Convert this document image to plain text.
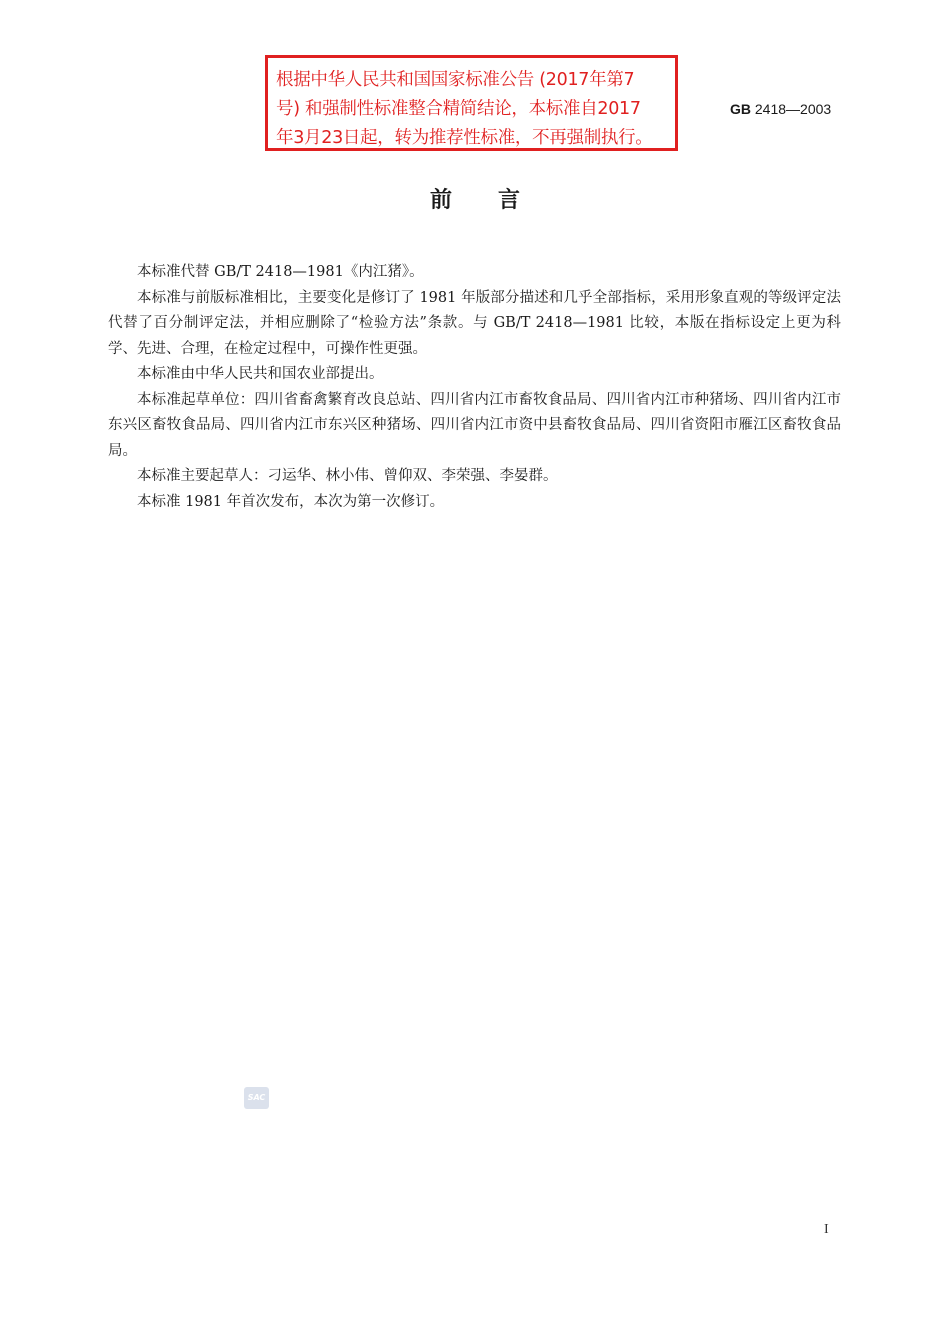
根据中华人民共和国国家标准公告 (2017年第7
号) 和强制性标准整合精简结论，本标准自2017
年3月23日起，转为推荐性标准，不再强制执行。
GB 2418—2003
前言

本标准代替 GB/T 2418—1981《内江猪》。

本标准与前版标准相比，主要变化是修订了 1981 年版部分描述和几乎全部指标，采用形象直观的等级评定法代替了百分制评定法，并相应删除了“检验方法”条款。与 GB/T 2418—1981 比较，本版在指标设定上更为科学、先进、合理，在检定过程中，可操作性更强。

本标准由中华人民共和国农业部提出。

本标准起草单位：四川省畜禽繁育改良总站、四川省内江市畜牧食品局、四川省内江市种猪场、四川省内江市东兴区畜牧食品局、四川省内江市东兴区种猪场、四川省内江市资中县畜牧食品局、四川省资阳市雁江区畜牧食品局。

本标准主要起草人：刁运华、林小伟、曾仰双、李荣强、李晏群。

本标准 1981 年首次发布，本次为第一次修订。

SAC
I
